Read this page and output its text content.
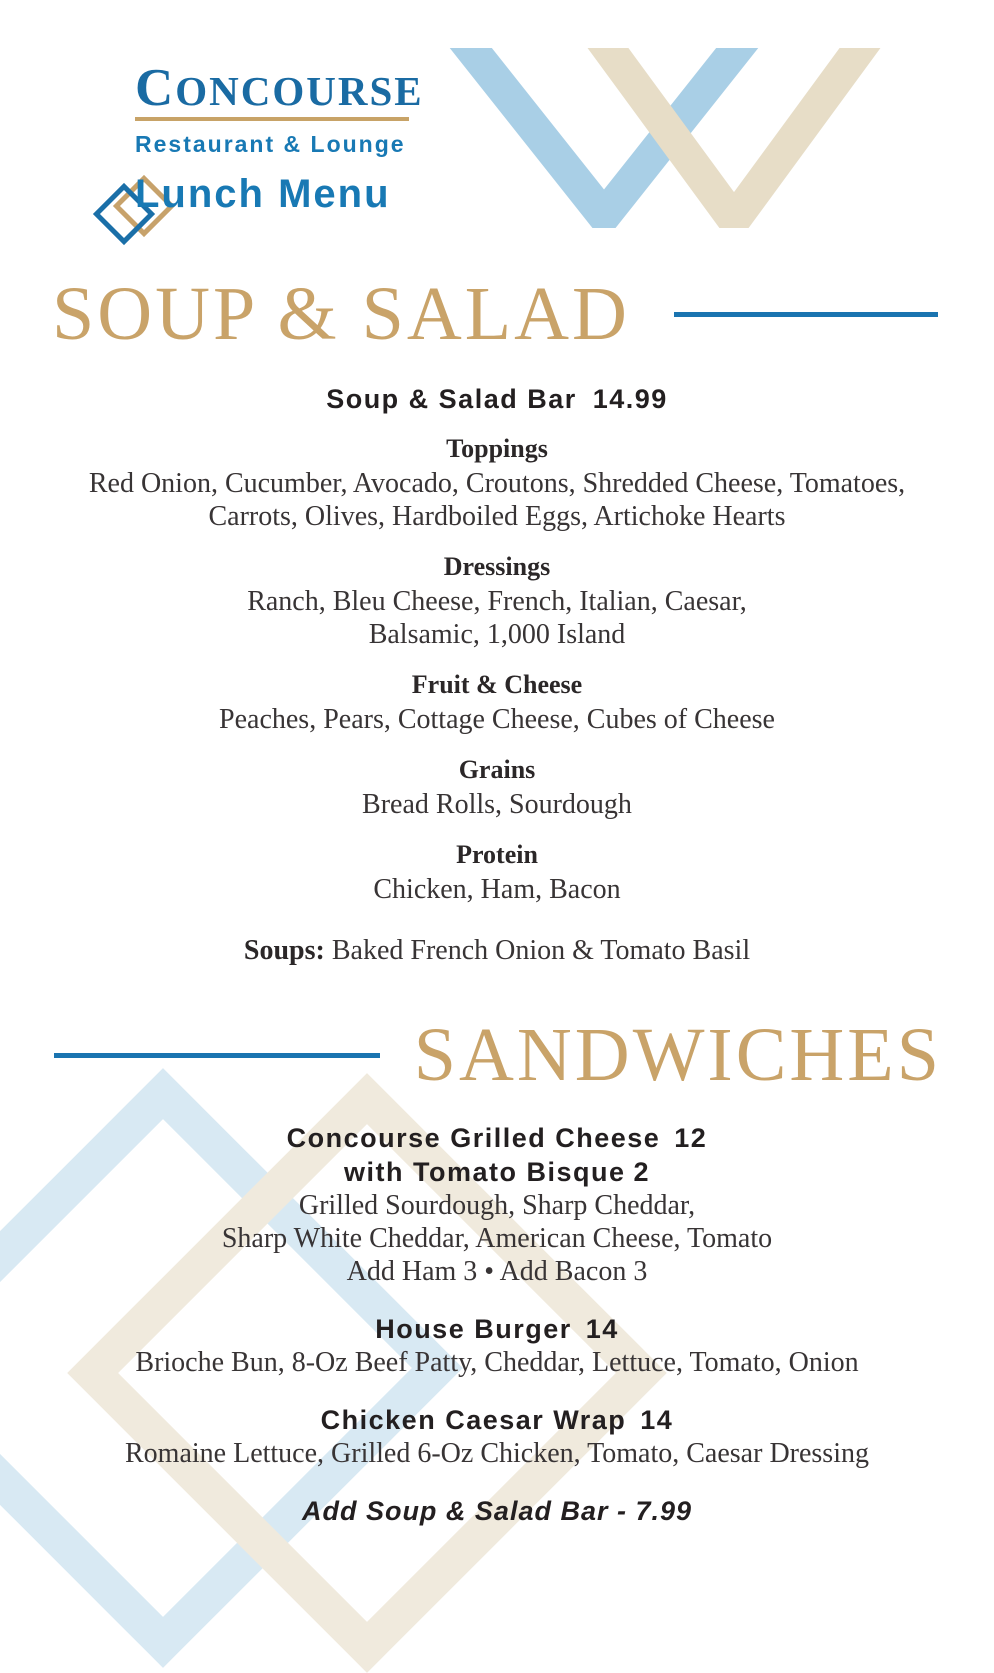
CONCOURSE
Restaurant & Lounge
Lunch Menu
SOUP & SALAD
Soup & Salad Bar 14.99
Toppings
Red Onion, Cucumber, Avocado, Croutons, Shredded Cheese, Tomatoes,
Carrots, Olives, Hardboiled Eggs, Artichoke Hearts
Dressings
Ranch, Bleu Cheese, French, Italian, Caesar,
Balsamic, 1,000 Island
Fruit & Cheese
Peaches, Pears, Cottage Cheese, Cubes of Cheese
Grains
Bread Rolls, Sourdough
Protein
Chicken, Ham, Bacon
Soups: Baked French Onion & Tomato Basil
SANDWICHES
Concourse Grilled Cheese 12
with Tomato Bisque 2
Grilled Sourdough, Sharp Cheddar,
Sharp White Cheddar, American Cheese, Tomato
Add Ham 3 • Add Bacon 3
House Burger 14
Brioche Bun, 8-Oz Beef Patty, Cheddar, Lettuce, Tomato, Onion
Chicken Caesar Wrap 14
Romaine Lettuce, Grilled 6-Oz Chicken, Tomato, Caesar Dressing
Add Soup & Salad Bar - 7.99
